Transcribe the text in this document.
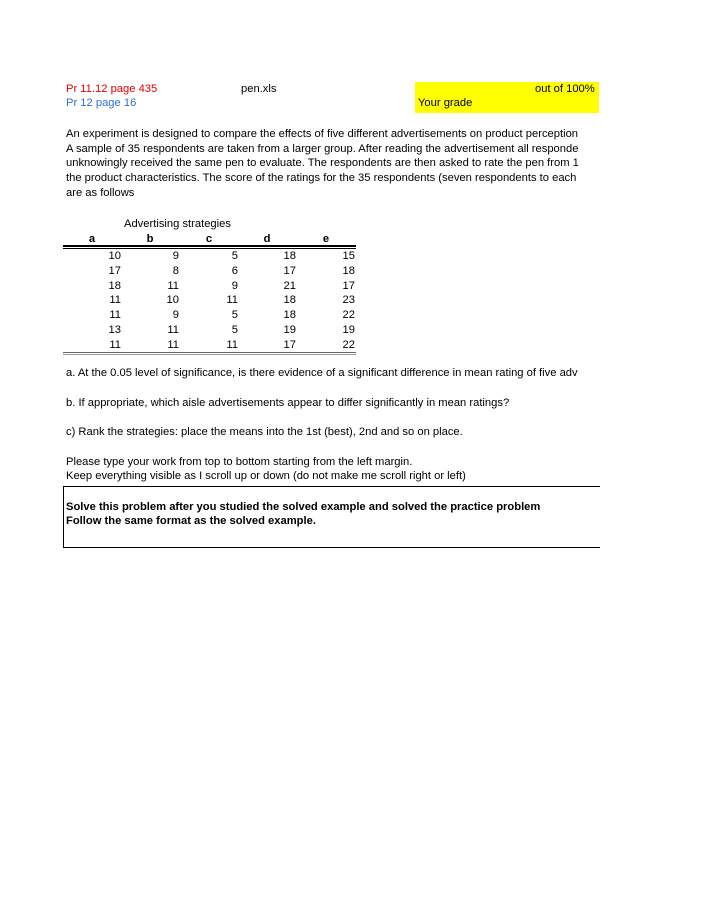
Pr 11.12 page 435
Pr 12 page 16
pen.xls	out of 100%
Your grade
An experiment is designed to compare the effects of five different advertisements on product perception
A sample of 35 respondents are taken from a larger group. After reading the advertisement all responde
unknowingly received the same pen to evaluate. The respondents are then asked to rate the pen from 1
the product characteristics. The score of the ratings for the 35 respondents (seven respondents to each
are as follows
Advertising strategies
a	b	c	d	e
10	9	5	18	15
17	8	6	17	18
18	11	9	21	17
11	10	11	18	23
11	9	5	18	22
13	11	5	19	19
11	11	11	17	22
a. At the 0.05 level of significance, is there evidence of a significant difference in mean rating of five adv
b. If appropriate, which aisle advertisements appear to differ significantly in mean ratings?
c) Rank the strategies: place the means into the 1st (best), 2nd and so on place.
Please type your work from top to bottom starting from the left margin.
Keep everything visible as I scroll up or down (do not make me scroll right or left)
Solve this problem after you studied the solved example and solved the practice problem
Follow the same format as the solved example.
